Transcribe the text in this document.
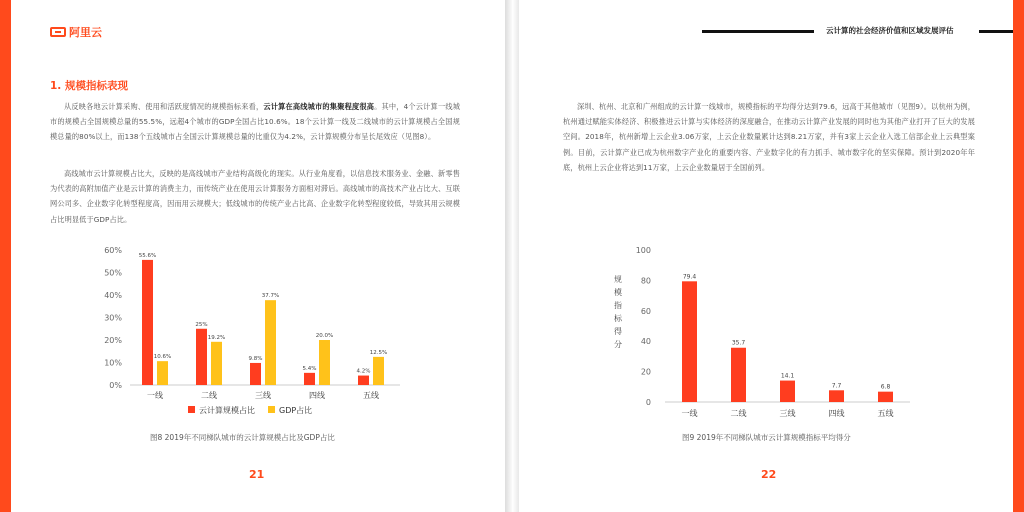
阿里云
1. 规模指标表现
从反映各地云计算采购、使用和活跃度情况的规模指标来看，云计算在高线城市的集聚程度很高。其中，4个云计算一线城市的规模占全国规模总量的55.5%，远超4个城市的GDP全国占比10.6%。18个云计算一线及二线城市的云计算规模占全国规模总量的80%以上，而138个五线城市占全国云计算规模总量的比重仅为4.2%，云计算规模分布呈长尾效应（见图8）。
高线城市云计算规模占比大，反映的是高线城市产业结构高级化的现实。从行业角度看，以信息技术服务业、金融、新零售为代表的高附加值产业是云计算的消费主力，而传统产业在使用云计算服务方面相对滞后。高线城市的高技术产业占比大、互联网公司多、企业数字化转型程度高，因而用云规模大；低线城市的传统产业占比高、企业数字化转型程度较低，导致其用云规模占比明显低于GDP占比。
0%
10%
20%
30%
40%
50%
60%
55.6%
10.6%
一线
25%
19.2%
二线
9.8%
37.7%
三线
5.4%
20.0%
四线
4.2%
12.5%
五线
云计算规模占比	GDP占比
图8 2019年不同梯队城市的云计算规模占比及GDP占比
21
云计算的社会经济价值和区域发展评估
深圳、杭州、北京和广州组成的云计算一线城市，规模指标的平均得分达到79.6，远高于其他城市（见图9）。以杭州为例，杭州通过赋能实体经济、积极推进云计算与实体经济的深度融合，在推动云计算产业发展的同时也为其他产业打开了巨大的发展空间。2018年，杭州新增上云企业3.06万家，上云企业数量累计达到8.21万家，并有3家上云企业入选工信部企业上云典型案例。目前，云计算产业已成为杭州数字产业化的重要内容、产业数字化的有力抓手、城市数字化的坚实保障。预计到2020年年底，杭州上云企业将达到11万家，上云企业数量居于全国前列。
0
20
40
60
80
100
规
模
指
标
得
分
79.4
一线
35.7
二线
14.1
三线
7.7
四线
6.8
五线
图9 2019年不同梯队城市云计算规模指标平均得分
22
